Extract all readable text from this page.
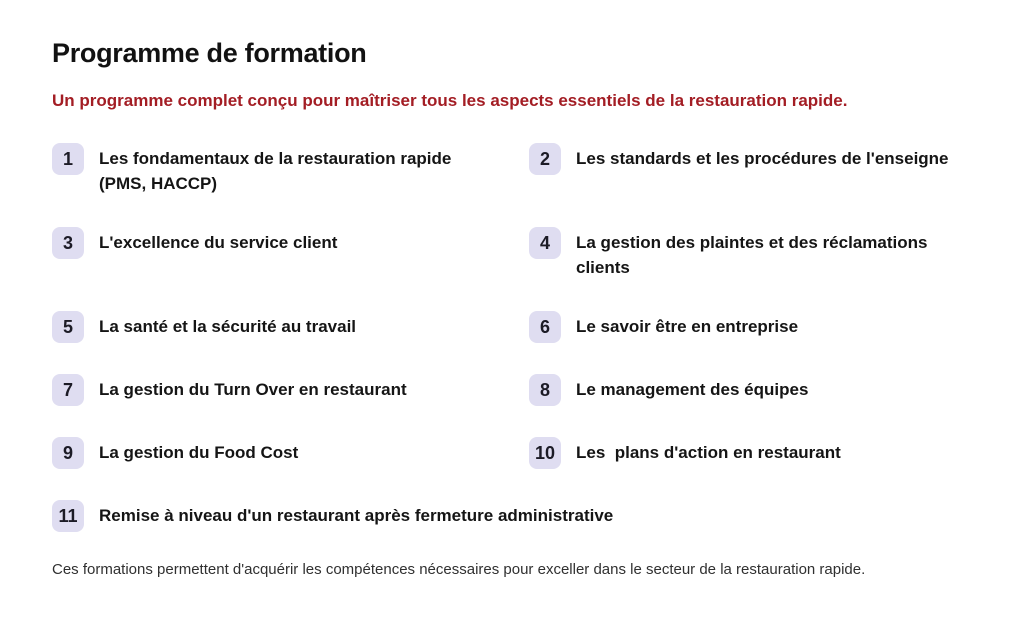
Programme de formation

Un programme complet conçu pour maîtriser tous les aspects essentiels de la restauration rapide.

1	Les fondamentaux de la restauration rapide (PMS, HACCP)
2	Les standards et les procédures de l'enseigne
3	L'excellence du service client	4	La gestion des plaintes et des réclamations clients
5	La santé et la sécurité au travail	6	Le savoir être en entreprise
7	La gestion du Turn Over en restaurant	8	Le management des équipes
9	La gestion du Food Cost	10	Les  plans d'action en restaurant
11	Remise à niveau d'un restaurant après fermeture administrative

Ces formations permettent d'acquérir les compétences nécessaires pour exceller dans le secteur de la restauration rapide.
